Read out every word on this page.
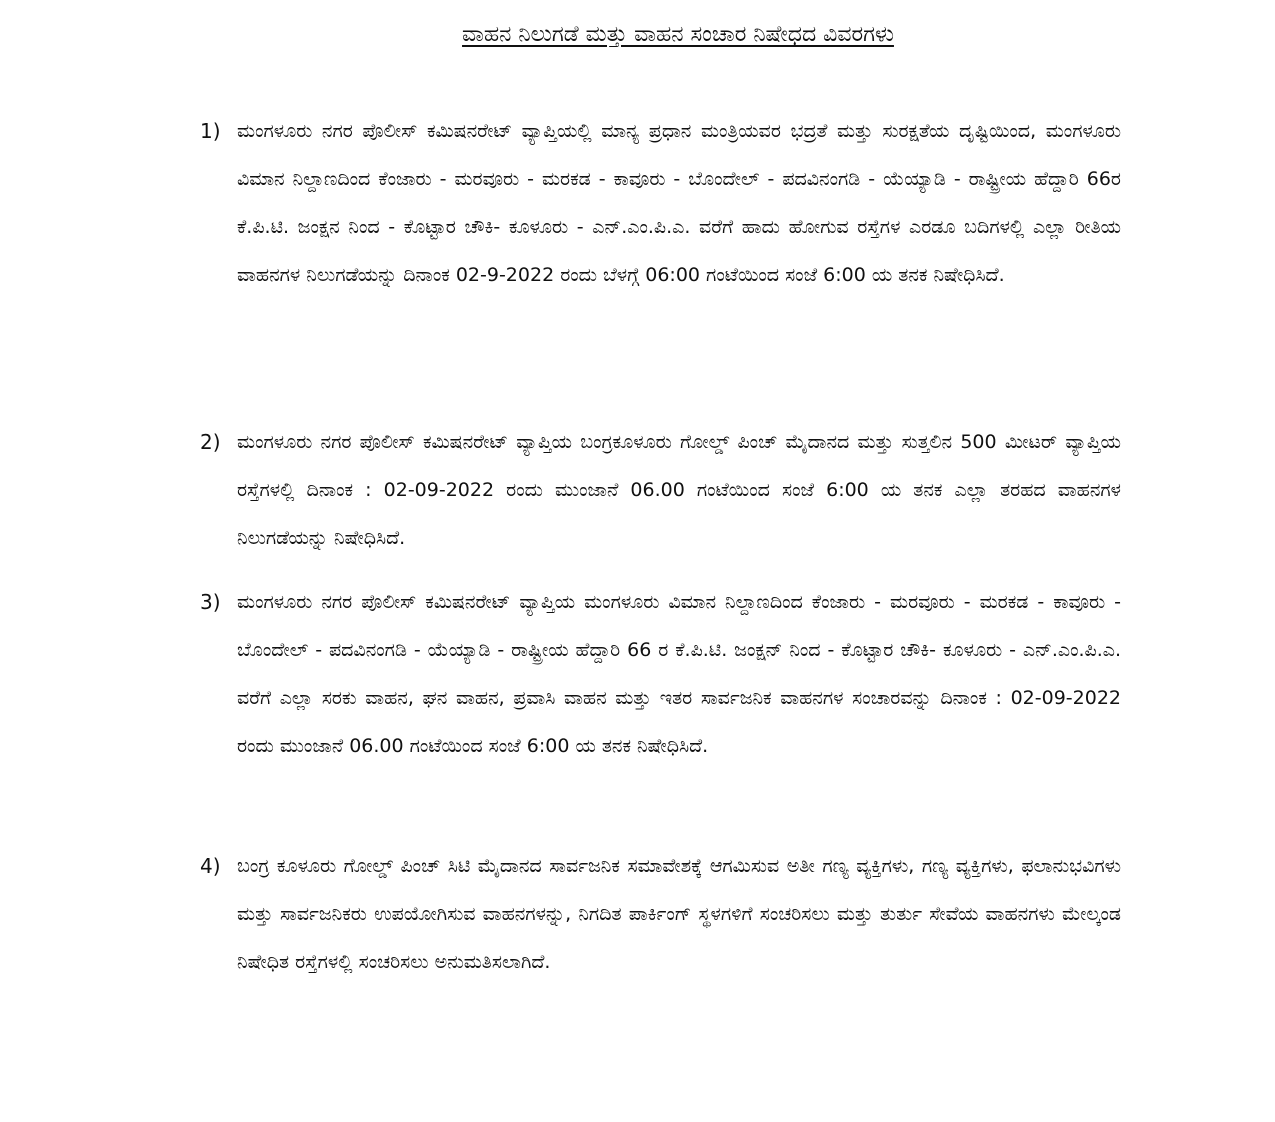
ವಾಹನ ನಿಲುಗಡೆ ಮತ್ತು ವಾಹನ ಸಂಚಾರ ನಿಷೇಧದ ವಿವರಗಳು
1) ಮಂಗಳೂರು ನಗರ ಪೊಲೀಸ್ ಕಮಿಷನರೇಟ್ ವ್ಯಾಪ್ತಿಯಲ್ಲಿ ಮಾನ್ಯ ಪ್ರಧಾನ ಮಂತ್ರಿಯವರ ಭದ್ರತೆ ಮತ್ತು ಸುರಕ್ಷತೆಯ ದೃಷ್ಟಿಯಿಂದ, ಮಂಗಳೂರು ವಿಮಾನ ನಿಲ್ದಾಣದಿಂದ ಕೆಂಜಾರು - ಮರವೂರು - ಮರಕಡ - ಕಾವೂರು - ಬೊಂದೇಲ್ - ಪದವಿನಂಗಡಿ - ಯೆಯ್ಯಾಡಿ - ರಾಷ್ಟ್ರೀಯ ಹೆದ್ದಾರಿ 66ರ ಕೆ.ಪಿ.ಟಿ. ಜಂಕ್ಷನ ನಿಂದ - ಕೊಟ್ಟಾರ ಚೌಕಿ- ಕೂಳೂರು - ಎನ್.ಎಂ.ಪಿ.ಎ. ವರೆಗೆ ಹಾದು ಹೋಗುವ ರಸ್ತೆಗಳ ಎರಡೂ ಬದಿಗಳಲ್ಲಿ ಎಲ್ಲಾ ರೀತಿಯ ವಾಹನಗಳ ನಿಲುಗಡೆಯನ್ನು ದಿನಾಂಕ 02-9-2022 ರಂದು ಬೆಳಗ್ಗೆ 06:00 ಗಂಟೆಯಿಂದ ಸಂಜೆ 6:00 ಯ ತನಕ ನಿಷೇಧಿಸಿದೆ.
2) ಮಂಗಳೂರು ನಗರ ಪೊಲೀಸ್ ಕಮಿಷನರೇಟ್ ವ್ಯಾಪ್ತಿಯ ಬಂಗ್ರಕೂಳೂರು ಗೋಲ್ಡ್ ಪಿಂಚ್ ಮೈದಾನದ ಮತ್ತು ಸುತ್ತಲಿನ 500 ಮೀಟರ್ ವ್ಯಾಪ್ತಿಯ ರಸ್ತೆಗಳಲ್ಲಿ ದಿನಾಂಕ : 02-09-2022 ರಂದು ಮುಂಜಾನೆ 06.00 ಗಂಟೆಯಿಂದ ಸಂಜೆ 6:00 ಯ ತನಕ ಎಲ್ಲಾ ತರಹದ ವಾಹನಗಳ ನಿಲುಗಡೆಯನ್ನು ನಿಷೇಧಿಸಿದೆ.
3) ಮಂಗಳೂರು ನಗರ ಪೊಲೀಸ್ ಕಮಿಷನರೇಟ್ ವ್ಯಾಪ್ತಿಯ ಮಂಗಳೂರು ವಿಮಾನ ನಿಲ್ದಾಣದಿಂದ ಕೆಂಜಾರು - ಮರವೂರು - ಮರಕಡ - ಕಾವೂರು - ಬೊಂದೇಲ್ - ಪದವಿನಂಗಡಿ - ಯೆಯ್ಯಾಡಿ - ರಾಷ್ಟ್ರೀಯ ಹೆದ್ದಾರಿ 66 ರ ಕೆ.ಪಿ.ಟಿ. ಜಂಕ್ಷನ್ ನಿಂದ - ಕೊಟ್ಟಾರ ಚೌಕಿ- ಕೂಳೂರು - ಎನ್.ಎಂ.ಪಿ.ಎ. ವರೆಗೆ ಎಲ್ಲಾ ಸರಕು ವಾಹನ, ಘನ ವಾಹನ, ಪ್ರವಾಸಿ ವಾಹನ ಮತ್ತು ಇತರ ಸಾರ್ವಜನಿಕ ವಾಹನಗಳ ಸಂಚಾರವನ್ನು ದಿನಾಂಕ : 02-09-2022 ರಂದು ಮುಂಜಾನೆ 06.00 ಗಂಟೆಯಿಂದ ಸಂಜೆ 6:00 ಯ ತನಕ ನಿಷೇಧಿಸಿದೆ.
4) ಬಂಗ್ರ ಕೂಳೂರು ಗೋಲ್ಡ್ ಪಿಂಚ್ ಸಿಟಿ ಮೈದಾನದ ಸಾರ್ವಜನಿಕ ಸಮಾವೇಶಕ್ಕೆ ಆಗಮಿಸುವ ಅತೀ ಗಣ್ಯ ವ್ಯಕ್ತಿಗಳು, ಗಣ್ಯ ವ್ಯಕ್ತಿಗಳು, ಫಲಾನುಭವಿಗಳು ಮತ್ತು ಸಾರ್ವಜನಿಕರು ಉಪಯೋಗಿಸುವ ವಾಹನಗಳನ್ನು, ನಿಗದಿತ ಪಾರ್ಕಿಂಗ್ ಸ್ಥಳಗಳಿಗೆ ಸಂಚರಿಸಲು ಮತ್ತು ತುರ್ತು ಸೇವೆಯ ವಾಹನಗಳು ಮೇಲ್ಕಂಡ ನಿಷೇಧಿತ ರಸ್ತೆಗಳಲ್ಲಿ ಸಂಚರಿಸಲು ಅನುಮತಿಸಲಾಗಿದೆ.
